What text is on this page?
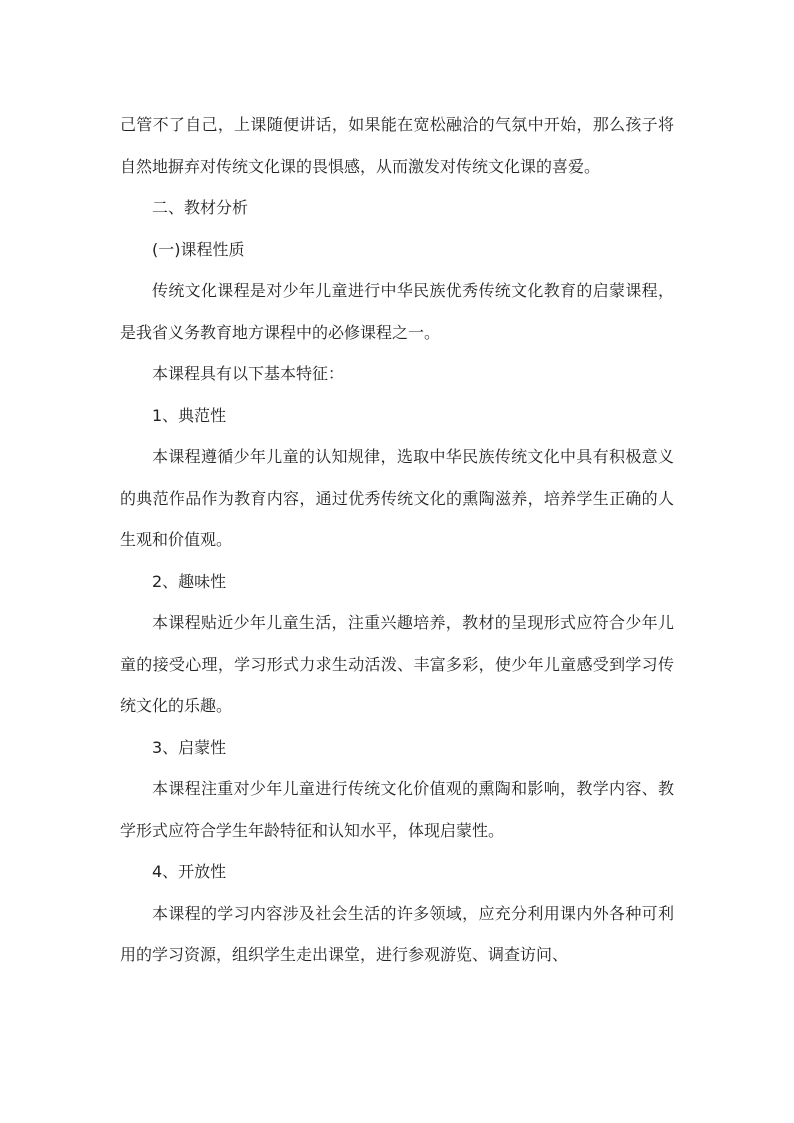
己管不了自己，上课随便讲话，如果能在宽松融洽的气氛中开始，那么孩子将自然地摒弃对传统文化课的畏惧感，从而激发对传统文化课的喜爱。

二、教材分析

(一)课程性质

传统文化课程是对少年儿童进行中华民族优秀传统文化教育的启蒙课程，是我省义务教育地方课程中的必修课程之一。

本课程具有以下基本特征：

1、典范性

本课程遵循少年儿童的认知规律，选取中华民族传统文化中具有积极意义的典范作品作为教育内容，通过优秀传统文化的熏陶滋养，培养学生正确的人生观和价值观。

2、趣味性

本课程贴近少年儿童生活，注重兴趣培养，教材的呈现形式应符合少年儿童的接受心理，学习形式力求生动活泼、丰富多彩，使少年儿童感受到学习传统文化的乐趣。

3、启蒙性

本课程注重对少年儿童进行传统文化价值观的熏陶和影响，教学内容、教学形式应符合学生年龄特征和认知水平，体现启蒙性。

4、开放性

本课程的学习内容涉及社会生活的许多领域，应充分利用课内外各种可利用的学习资源，组织学生走出课堂，进行参观游览、调查访问、
